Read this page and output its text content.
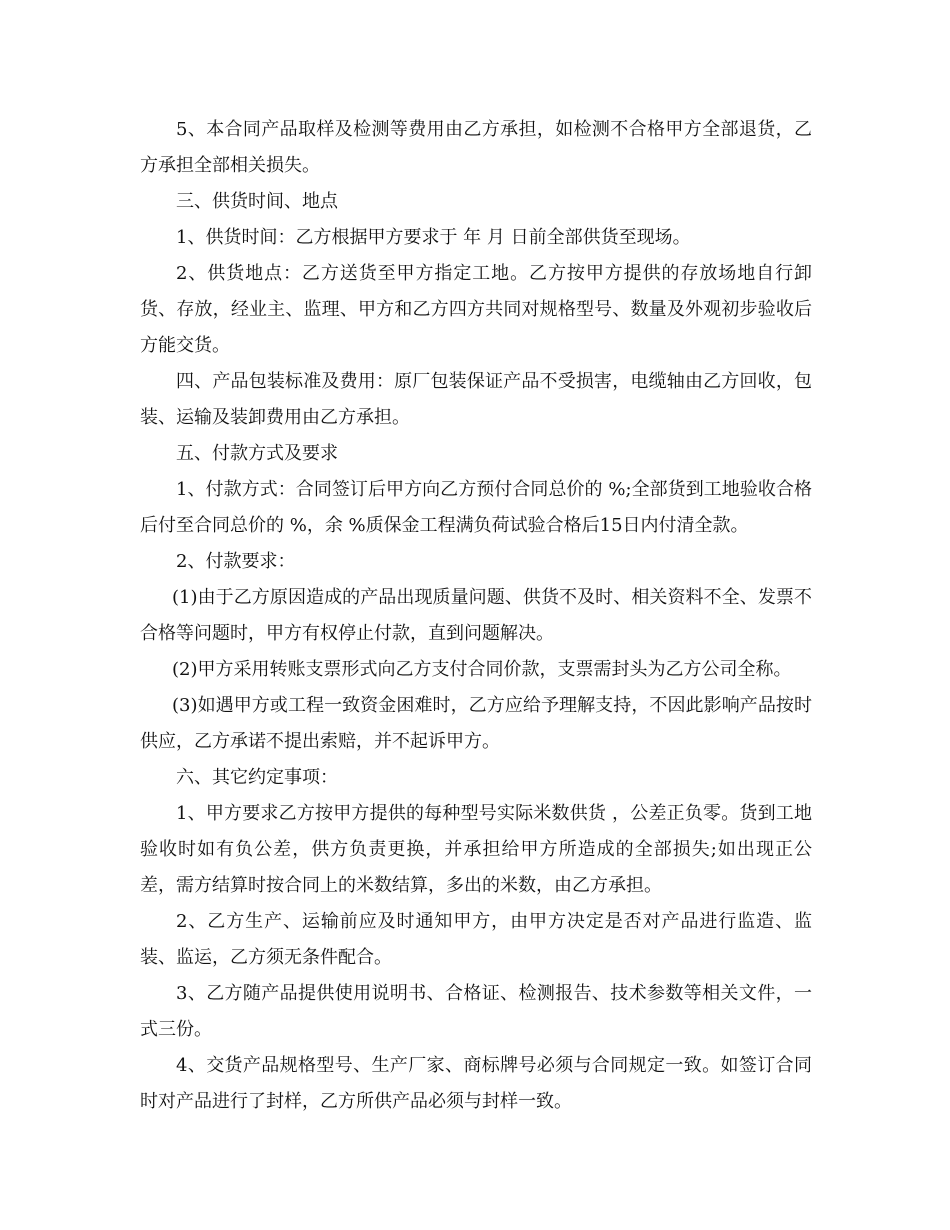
5、本合同产品取样及检测等费用由乙方承担，如检测不合格甲方全部退货，乙方承担全部相关损失。

三、供货时间、地点

1、供货时间：乙方根据甲方要求于 年 月 日前全部供货至现场。

2、供货地点：乙方送货至甲方指定工地。乙方按甲方提供的存放场地自行卸货、存放，经业主、监理、甲方和乙方四方共同对规格型号、数量及外观初步验收后方能交货。

四、产品包装标准及费用：原厂包装保证产品不受损害，电缆轴由乙方回收，包装、运输及装卸费用由乙方承担。

五、付款方式及要求

1、付款方式：合同签订后甲方向乙方预付合同总价的 %;全部货到工地验收合格后付至合同总价的 %，余 %质保金工程满负荷试验合格后15日内付清全款。

2、付款要求：

(1)由于乙方原因造成的产品出现质量问题、供货不及时、相关资料不全、发票不合格等问题时，甲方有权停止付款，直到问题解决。

(2)甲方采用转账支票形式向乙方支付合同价款，支票需封头为乙方公司全称。

(3)如遇甲方或工程一致资金困难时，乙方应给予理解支持，不因此影响产品按时供应，乙方承诺不提出索赔，并不起诉甲方。

六、其它约定事项：

1、甲方要求乙方按甲方提供的每种型号实际米数供货 ，公差正负零。货到工地验收时如有负公差，供方负责更换，并承担给甲方所造成的全部损失;如出现正公差，需方结算时按合同上的米数结算，多出的米数，由乙方承担。

2、乙方生产、运输前应及时通知甲方，由甲方决定是否对产品进行监造、监装、监运，乙方须无条件配合。

3、乙方随产品提供使用说明书、合格证、检测报告、技术参数等相关文件，一式三份。

4、交货产品规格型号、生产厂家、商标牌号必须与合同规定一致。如签订合同时对产品进行了封样，乙方所供产品必须与封样一致。
